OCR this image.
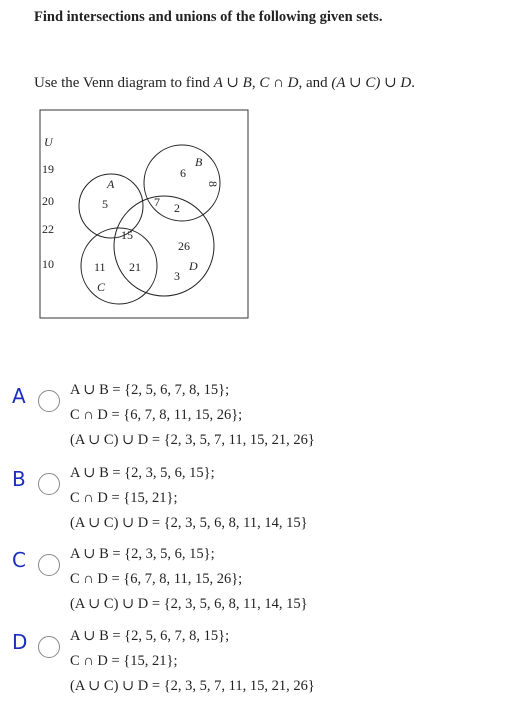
Find intersections and unions of the following given sets.
Use the Venn diagram to find A ∪ B, C ∩ D, and (A ∪ C) ∪ D.
U
19
20
22
10
A
B
C
D
5
6
8
7 2
15
26
3
11 21
A	A ∪ B = {2, 5, 6, 7, 8, 15};
C ∩ D = {6, 7, 8, 11, 15, 26};
(A ∪ C) ∪ D = {2, 3, 5, 7, 11, 15, 21, 26}
B	A ∪ B = {2, 3, 5, 6, 15};
C ∩ D = {15, 21};
(A ∪ C) ∪ D = {2, 3, 5, 6, 8, 11, 14, 15}
C	A ∪ B = {2, 3, 5, 6, 15};
C ∩ D = {6, 7, 8, 11, 15, 26};
(A ∪ C) ∪ D = {2, 3, 5, 6, 8, 11, 14, 15}
D	A ∪ B = {2, 5, 6, 7, 8, 15};
C ∩ D = {15, 21};
(A ∪ C) ∪ D = {2, 3, 5, 7, 11, 15, 21, 26}
